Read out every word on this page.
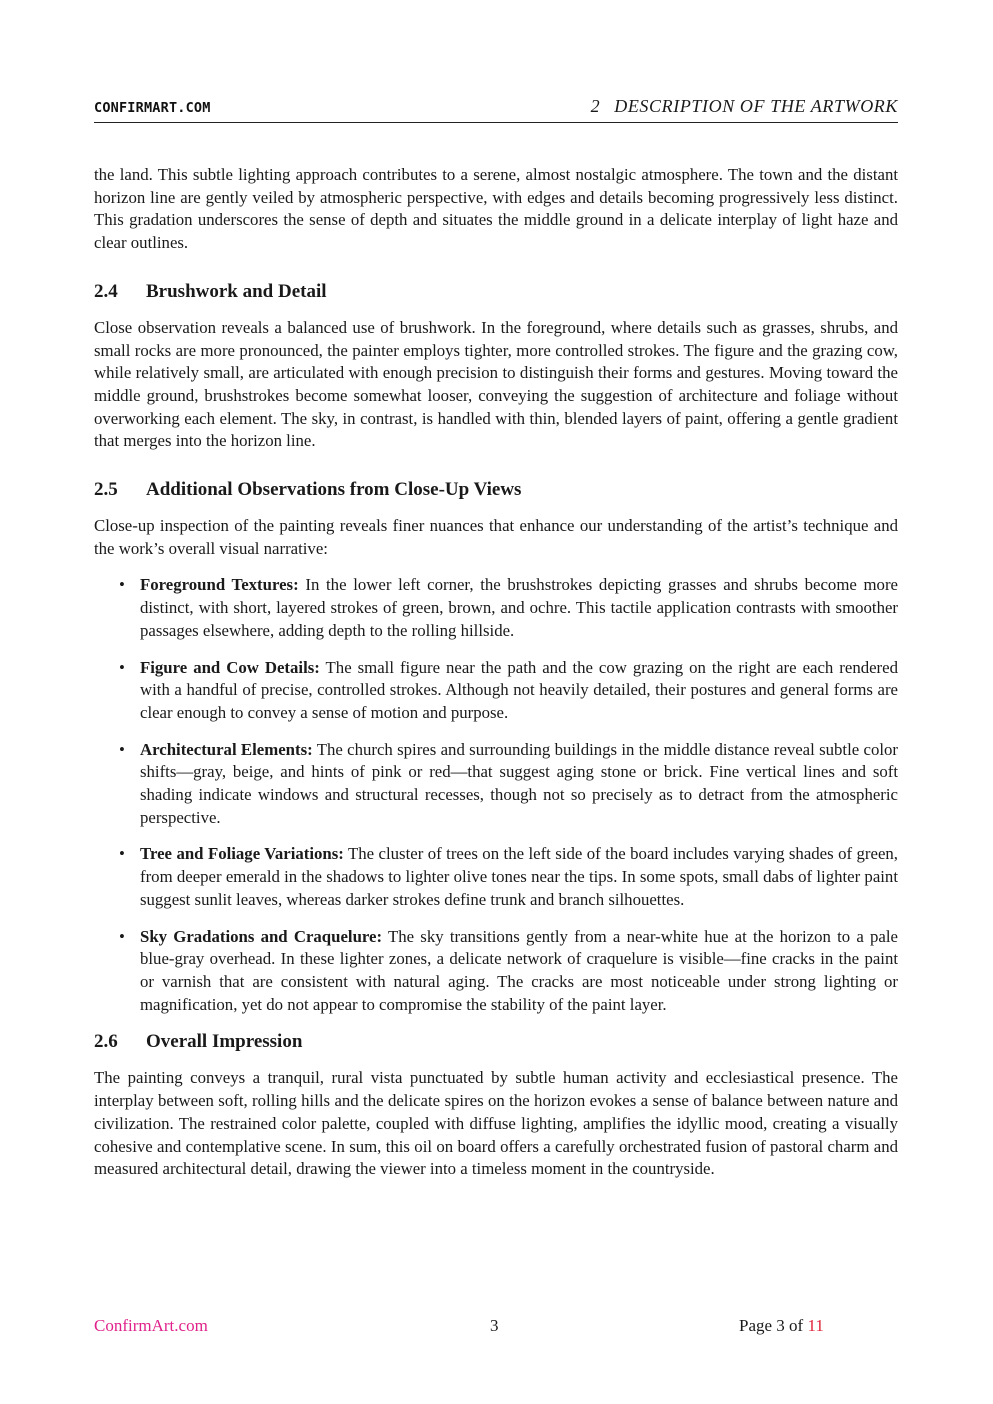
CONFIRMART.COM	2 DESCRIPTION OF THE ARTWORK

the land. This subtle lighting approach contributes to a serene, almost nostalgic atmosphere. The town and the distant horizon line are gently veiled by atmospheric perspective, with edges and details becoming progressively less distinct. This gradation underscores the sense of depth and situates the middle ground in a delicate interplay of light haze and clear outlines.

2.4 Brushwork and Detail

Close observation reveals a balanced use of brushwork. In the foreground, where details such as grasses, shrubs, and small rocks are more pronounced, the painter employs tighter, more controlled strokes. The figure and the grazing cow, while relatively small, are articulated with enough precision to distinguish their forms and gestures. Moving toward the middle ground, brushstrokes become somewhat looser, conveying the suggestion of architecture and foliage without overworking each element. The sky, in contrast, is handled with thin, blended layers of paint, offering a gentle gradient that merges into the horizon line.

2.5 Additional Observations from Close-Up Views

Close-up inspection of the painting reveals finer nuances that enhance our understanding of the artist’s technique and the work’s overall visual narrative:

• Foreground Textures: In the lower left corner, the brushstrokes depicting grasses and shrubs become more distinct, with short, layered strokes of green, brown, and ochre. This tactile application contrasts with smoother passages elsewhere, adding depth to the rolling hillside.
• Figure and Cow Details: The small figure near the path and the cow grazing on the right are each rendered with a handful of precise, controlled strokes. Although not heavily detailed, their postures and general forms are clear enough to convey a sense of motion and purpose.
• Architectural Elements: The church spires and surrounding buildings in the middle distance reveal subtle color shifts—gray, beige, and hints of pink or red—that suggest aging stone or brick. Fine vertical lines and soft shading indicate windows and structural recesses, though not so precisely as to detract from the atmospheric perspective.
• Tree and Foliage Variations: The cluster of trees on the left side of the board includes varying shades of green, from deeper emerald in the shadows to lighter olive tones near the tips. In some spots, small dabs of lighter paint suggest sunlit leaves, whereas darker strokes define trunk and branch silhouettes.
• Sky Gradations and Craquelure: The sky transitions gently from a near-white hue at the horizon to a pale blue-gray overhead. In these lighter zones, a delicate network of craquelure is visible—fine cracks in the paint or varnish that are consistent with natural aging. The cracks are most noticeable under strong lighting or magnification, yet do not appear to compromise the stability of the paint layer.
2.6 Overall Impression

The painting conveys a tranquil, rural vista punctuated by subtle human activity and ecclesiastical presence. The interplay between soft, rolling hills and the delicate spires on the horizon evokes a sense of balance between nature and civilization. The restrained color palette, coupled with diffuse lighting, amplifies the idyllic mood, creating a visually cohesive and contemplative scene. In sum, this oil on board offers a carefully orchestrated fusion of pastoral charm and measured architectural detail, drawing the viewer into a timeless moment in the countryside.

ConfirmArt.com	3	Page 3 of 11
